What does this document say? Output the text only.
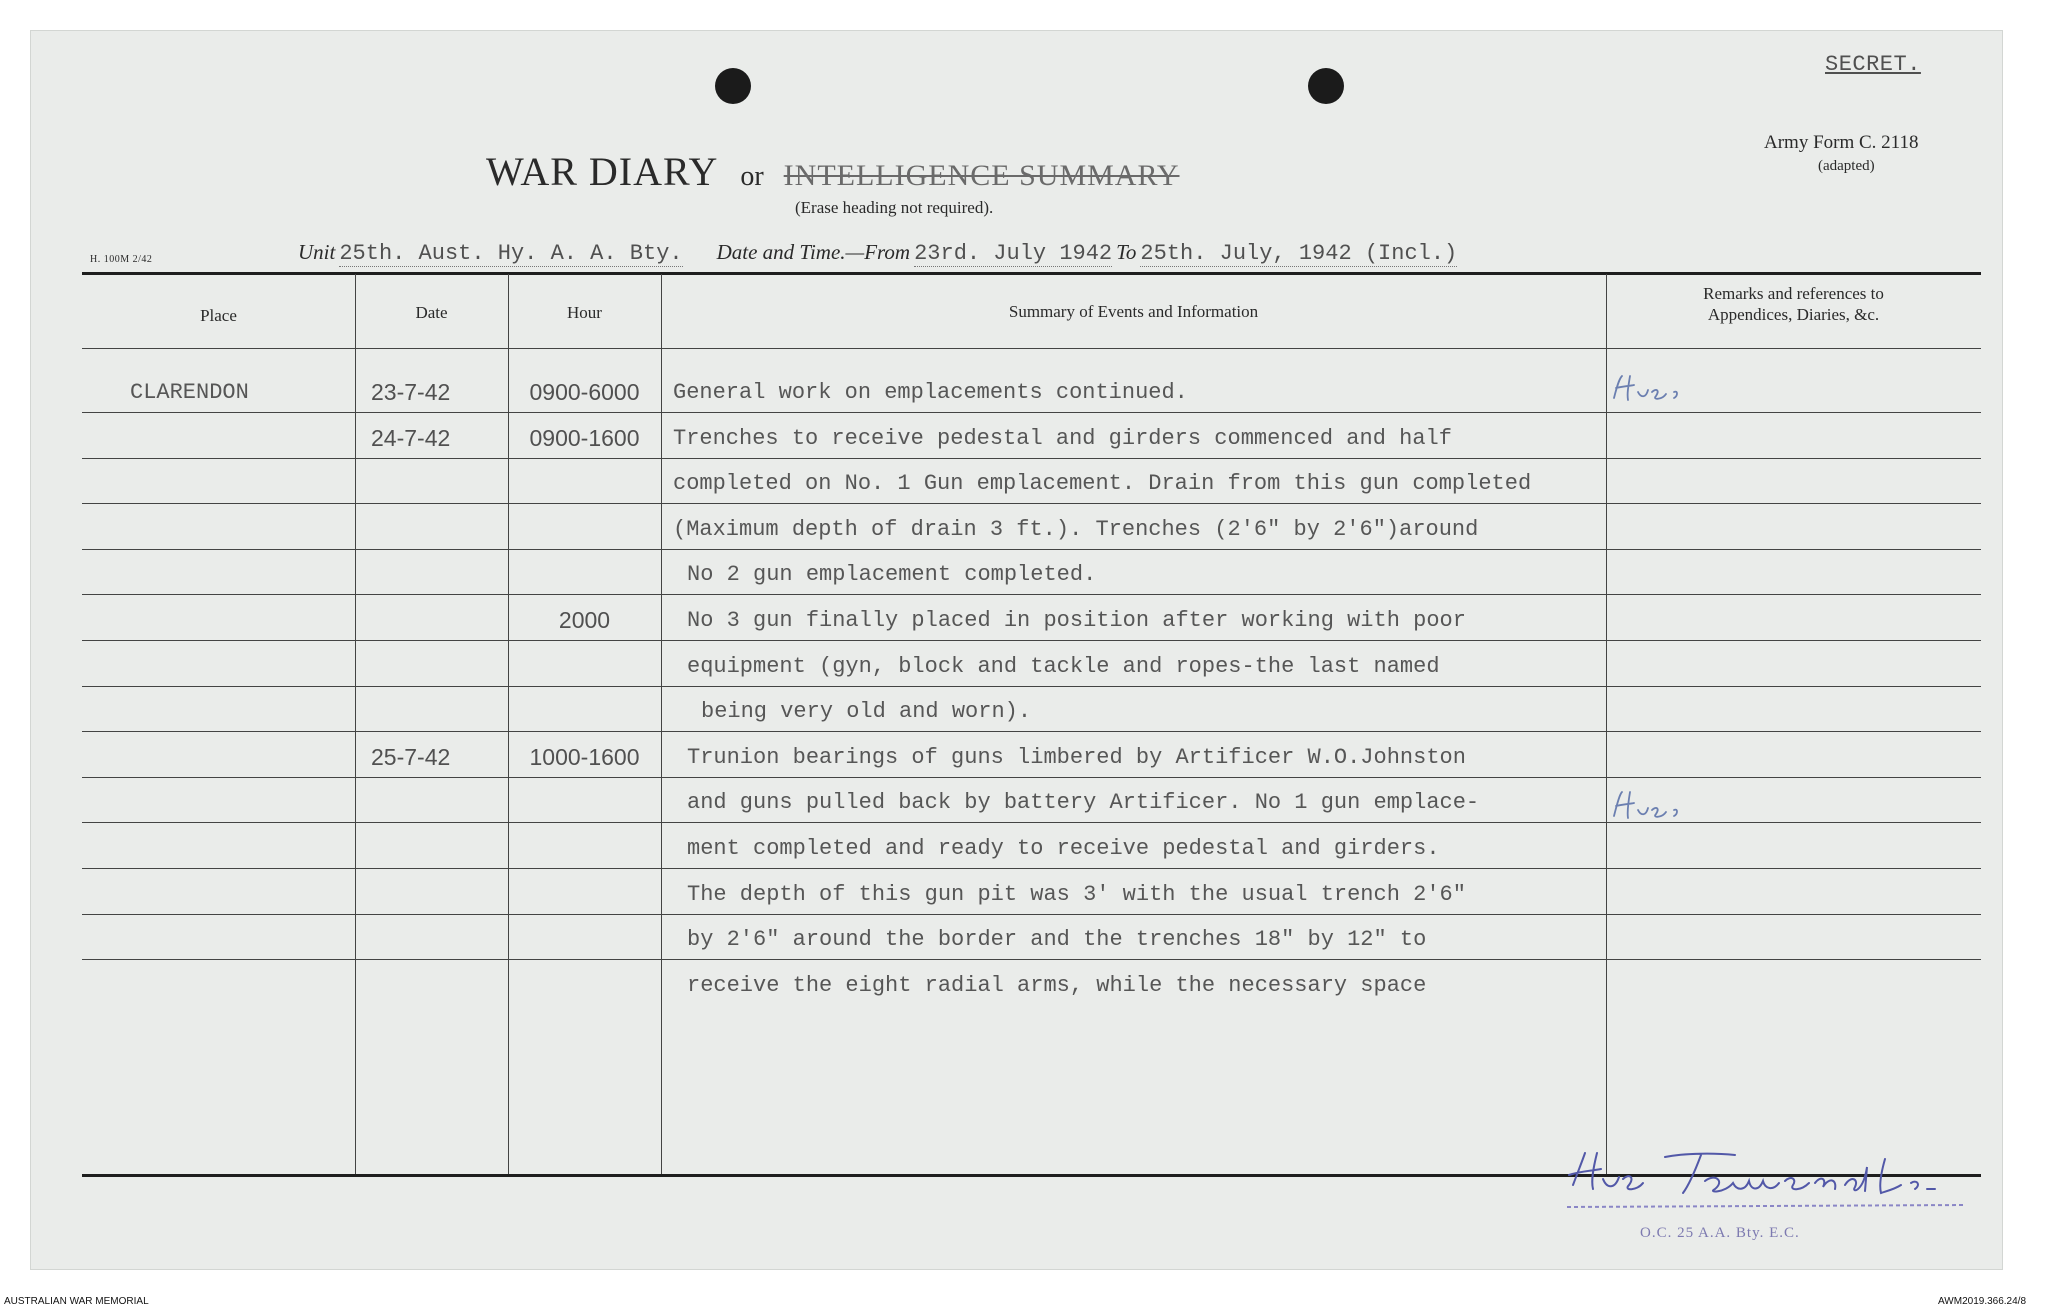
SECRET.
Army Form C. 2118
(adapted)
H. 100M 2/42
WAR DIARY or INTELLIGENCE SUMMARY
(Erase heading not required).
Unit 25th. Aust. Hy. A. A. Bty. Date and Time.—From 23rd. July 1942 To 25th. July, 1942 (Incl.)
Place	Date	Hour	Summary of Events and Information
Remarks and references to
Appendices, Diaries, &c.
CLARENDON	23-7-42	0900-6000	General work on emplacements continued.
24-7-42	0900-1600	Trenches to receive pedestal and girders commenced and half
completed on No. 1 Gun emplacement. Drain from this gun completed
(Maximum depth of drain 3 ft.). Trenches (2'6" by 2'6")around
No 2 gun emplacement completed.
2000	No 3 gun finally placed in position after working with poor
equipment (gyn, block and tackle and ropes-the last named
being very old and worn).
25-7-42	1000-1600	Trunion bearings of guns limbered by Artificer W.O.Johnston
and guns pulled back by battery Artificer. No 1 gun emplace-
ment completed and ready to receive pedestal and girders.
The depth of this gun pit was 3' with the usual trench 2'6"
by 2'6" around the border and the trenches 18" by 12" to
receive the eight radial arms, while the necessary space
Hus Townsend Lt.
O.C. 25 A.A. Bty. E.C.
AUSTRALIAN WAR MEMORIAL	AWM2019.366.24/8
